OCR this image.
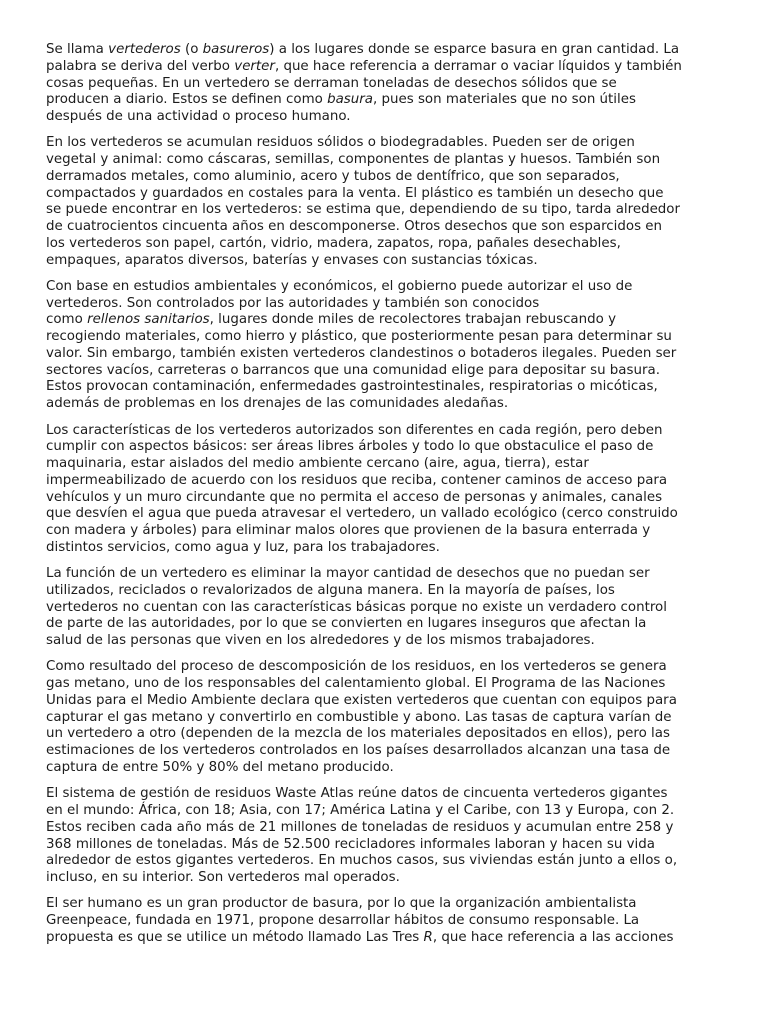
Se llama vertederos (o basureros) a los lugares donde se esparce basura en gran cantidad. La
palabra se deriva del verbo verter, que hace referencia a derramar o vaciar líquidos y también
cosas pequeñas. En un vertedero se derraman toneladas de desechos sólidos que se
producen a diario. Estos se definen como basura, pues son materiales que no son útiles
después de una actividad o proceso humano.

En los vertederos se acumulan residuos sólidos o biodegradables. Pueden ser de origen
vegetal y animal: como cáscaras, semillas, componentes de plantas y huesos. También son
derramados metales, como aluminio, acero y tubos de dentífrico, que son separados,
compactados y guardados en costales para la venta. El plástico es también un desecho que
se puede encontrar en los vertederos: se estima que, dependiendo de su tipo, tarda alrededor
de cuatrocientos cincuenta años en descomponerse. Otros desechos que son esparcidos en
los vertederos son papel, cartón, vidrio, madera, zapatos, ropa, pañales desechables,
empaques, aparatos diversos, baterías y envases con sustancias tóxicas.

Con base en estudios ambientales y económicos, el gobierno puede autorizar el uso de
vertederos. Son controlados por las autoridades y también son conocidos
como rellenos sanitarios, lugares donde miles de recolectores trabajan rebuscando y
recogiendo materiales, como hierro y plástico, que posteriormente pesan para determinar su
valor. Sin embargo, también existen vertederos clandestinos o botaderos ilegales. Pueden ser
sectores vacíos, carreteras o barrancos que una comunidad elige para depositar su basura.
Estos provocan contaminación, enfermedades gastrointestinales, respiratorias o micóticas,
además de problemas en los drenajes de las comunidades aledañas.

Los características de los vertederos autorizados son diferentes en cada región, pero deben
cumplir con aspectos básicos: ser áreas libres árboles y todo lo que obstaculice el paso de
maquinaria, estar aislados del medio ambiente cercano (aire, agua, tierra), estar
impermeabilizado de acuerdo con los residuos que reciba, contener caminos de acceso para
vehículos y un muro circundante que no permita el acceso de personas y animales, canales
que desvíen el agua que pueda atravesar el vertedero, un vallado ecológico (cerco construido
con madera y árboles) para eliminar malos olores que provienen de la basura enterrada y
distintos servicios, como agua y luz, para los trabajadores.

La función de un vertedero es eliminar la mayor cantidad de desechos que no puedan ser
utilizados, reciclados o revalorizados de alguna manera. En la mayoría de países, los
vertederos no cuentan con las características básicas porque no existe un verdadero control
de parte de las autoridades, por lo que se convierten en lugares inseguros que afectan la
salud de las personas que viven en los alrededores y de los mismos trabajadores.

Como resultado del proceso de descomposición de los residuos, en los vertederos se genera
gas metano, uno de los responsables del calentamiento global. El Programa de las Naciones
Unidas para el Medio Ambiente declara que existen vertederos que cuentan con equipos para
capturar el gas metano y convertirlo en combustible y abono. Las tasas de captura varían de
un vertedero a otro (dependen de la mezcla de los materiales depositados en ellos), pero las
estimaciones de los vertederos controlados en los países desarrollados alcanzan una tasa de
captura de entre 50% y 80% del metano producido.

El sistema de gestión de residuos Waste Atlas reúne datos de cincuenta vertederos gigantes
en el mundo: África, con 18; Asia, con 17; América Latina y el Caribe, con 13 y Europa, con 2.
Estos reciben cada año más de 21 millones de toneladas de residuos y acumulan entre 258 y
368 millones de toneladas. Más de 52.500 recicladores informales laboran y hacen su vida
alrededor de estos gigantes vertederos. En muchos casos, sus viviendas están junto a ellos o,
incluso, en su interior. Son vertederos mal operados.

El ser humano es un gran productor de basura, por lo que la organización ambientalista
Greenpeace, fundada en 1971, propone desarrollar hábitos de consumo responsable. La
propuesta es que se utilice un método llamado Las Tres R, que hace referencia a las acciones
